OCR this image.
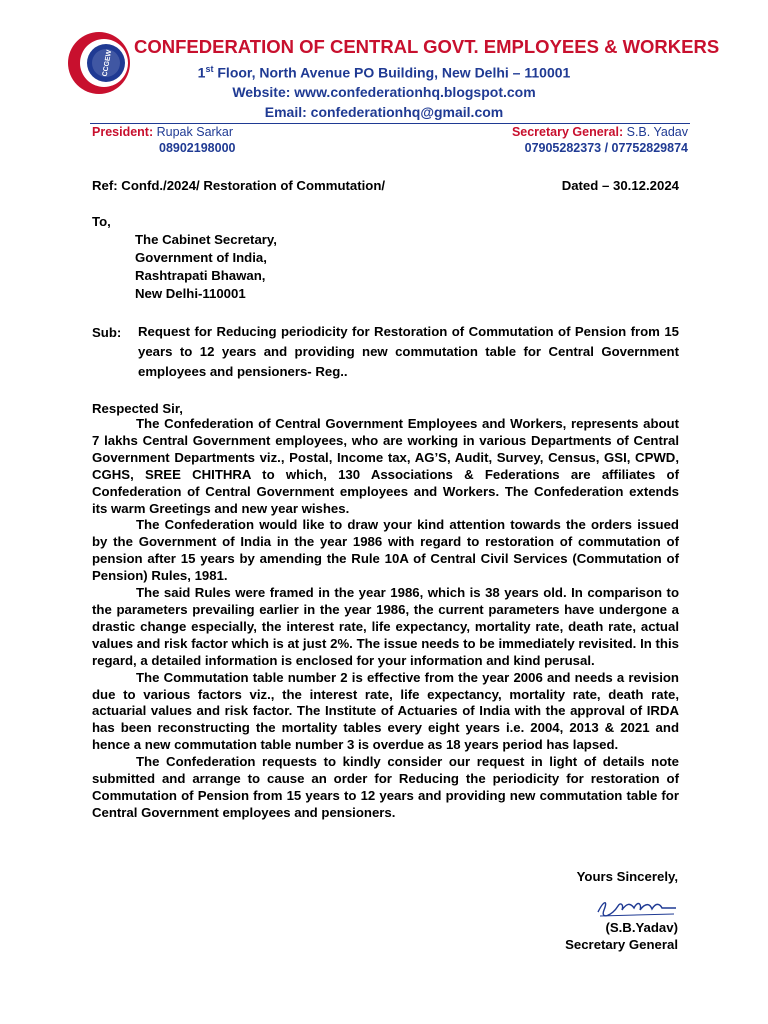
CCGEW
CONFEDERATION OF CENTRAL GOVT. EMPLOYEES & WORKERS
1st Floor, North Avenue PO Building, New Delhi – 110001
Website: www.confederationhq.blogspot.com
Email: confederationhq@gmail.com
President: Rupak Sarkar
08902198000
Secretary General: S.B. Yadav
07905282373 / 07752829874
Ref: Confd./2024/ Restoration of Commutation/	Dated – 30.12.2024
To,
The Cabinet Secretary,
Government of India,
Rashtrapati Bhawan,
New Delhi-110001
Sub:	Request for Reducing periodicity for Restoration of Commutation of Pension from 15 years to 12 years and providing new commutation table for Central Government employees and pensioners- Reg..
Respected Sir,

The Confederation of Central Government Employees and Workers, represents about 7 lakhs Central Government employees, who are working in various Departments of Central Government Departments viz., Postal, Income tax, AG’S, Audit, Survey, Census, GSI, CPWD, CGHS, SREE CHITHRA to which, 130 Associations & Federations are affiliates of Confederation of Central Government employees and Workers. The Confederation extends its warm Greetings and new year wishes.

The Confederation would like to draw your kind attention towards the orders issued by the Government of India in the year 1986 with regard to restoration of commutation of pension after 15 years by amending the Rule 10A of Central Civil Services (Commutation of Pension) Rules, 1981.

The said Rules were framed in the year 1986, which is 38 years old. In comparison to the parameters prevailing earlier in the year 1986, the current parameters have undergone a drastic change especially, the interest rate, life expectancy, mortality rate, death rate, actual values and risk factor which is at just 2%. The issue needs to be immediately revisited. In this regard, a detailed information is enclosed for your information and kind perusal.

The Commutation table number 2 is effective from the year 2006 and needs a revision due to various factors viz., the interest rate, life expectancy, mortality rate, death rate, actuarial values and risk factor. The Institute of Actuaries of India with the approval of IRDA has been reconstructing the mortality tables every eight years i.e. 2004, 2013 & 2021 and hence a new commutation table number 3 is overdue as 18 years period has lapsed.

The Confederation requests to kindly consider our request in light of details note submitted and arrange to cause an order for Reducing the periodicity for restoration of Commutation of Pension from 15 years to 12 years and providing new commutation table for Central Government employees and pensioners.

Yours Sincerely,
(S.B.Yadav)
Secretary General
